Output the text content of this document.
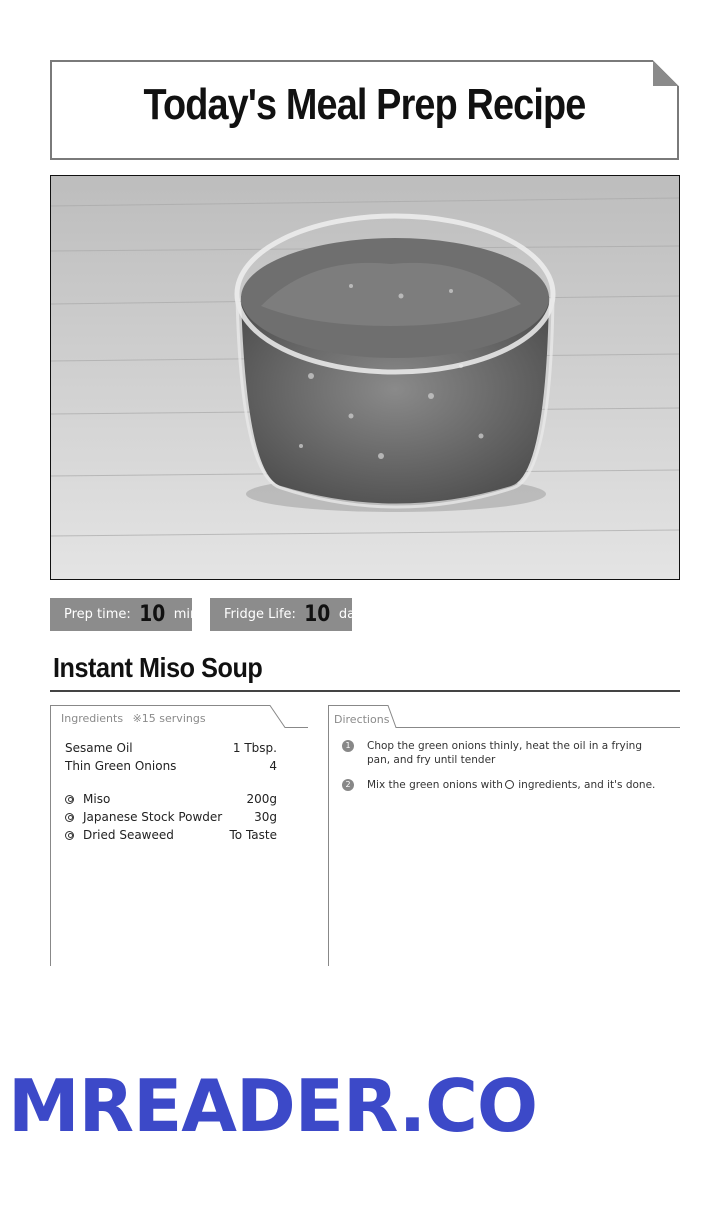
Today's Meal Prep Recipe
Prep time: 10 min	Fridge Life: 10 days
Instant Miso Soup
Ingredients ※15 servings
Sesame Oil	1 Tbsp.
Thin Green Onions	4
Miso	200g
Japanese Stock Powder	30g
Dried Seaweed	To Taste
Directions
1	Chop the green onions thinly, heat the oil in a frying pan, and fry until tender
2	Mix the green onions with ingredients, and it's done.
MREADER.CO
